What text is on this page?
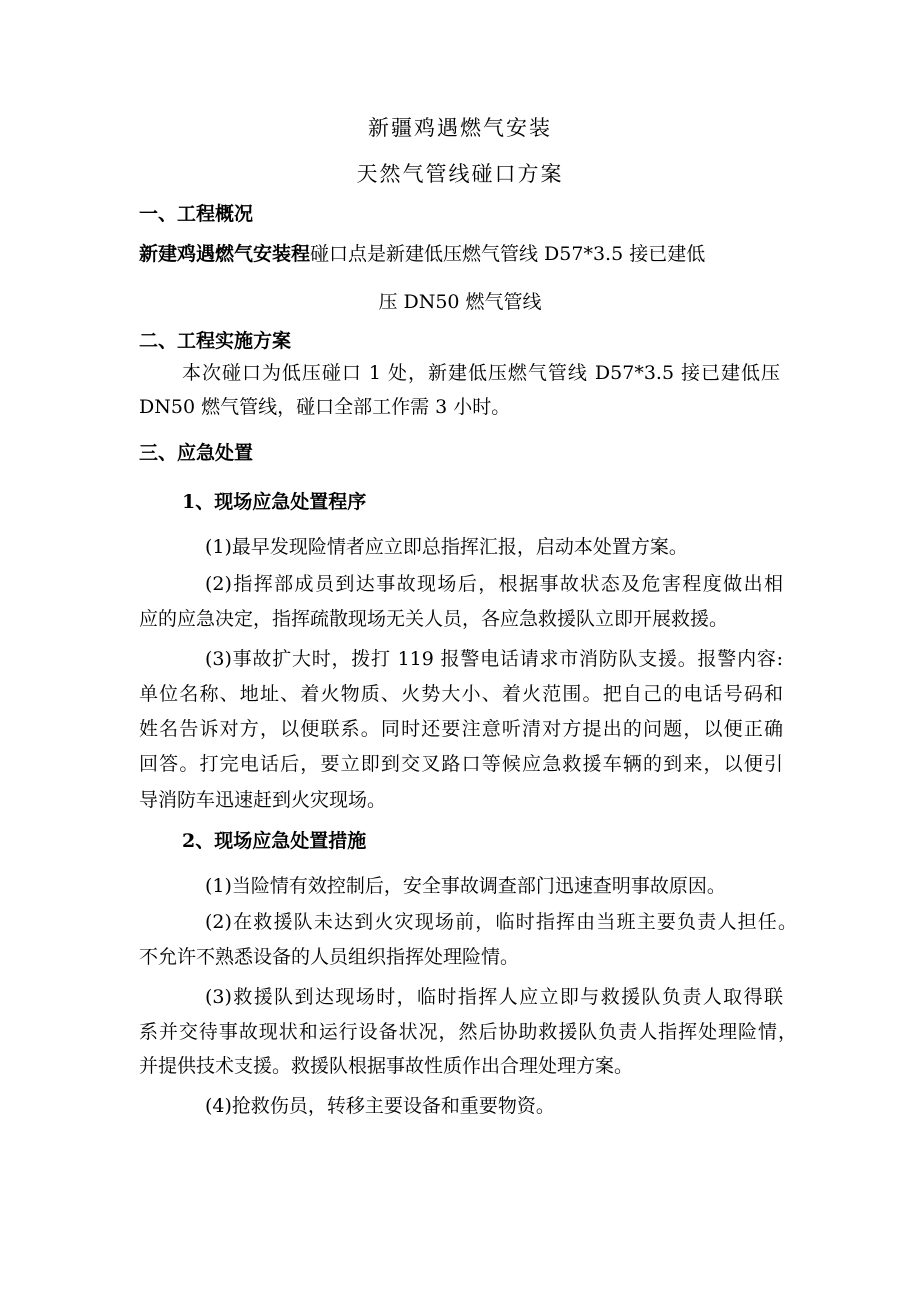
新疆鸡遇燃气安装
天然气管线碰口方案
一、工程概况
新建鸡遇燃气安装程碰口点是新建低压燃气管线 D57*3.5 接已建低
压 DN50 燃气管线
二、工程实施方案
本次碰口为低压碰口 1 处，新建低压燃气管线 D57*3.5 接已建低压
DN50 燃气管线，碰口全部工作需 3 小时。
三、应急处置
1、现场应急处置程序
(1)最早发现险情者应立即总指挥汇报，启动本处置方案。
(2)指挥部成员到达事故现场后，根据事故状态及危害程度做出相
应的应急决定，指挥疏散现场无关人员，各应急救援队立即开展救援。
(3)事故扩大时，拨打 119 报警电话请求市消防队支援。报警内容:
单位名称、地址、着火物质、火势大小、着火范围。把自己的电话号码和
姓名告诉对方，以便联系。同时还要注意听清对方提出的问题，以便正确
回答。打完电话后，要立即到交叉路口等候应急救援车辆的到来，以便引
导消防车迅速赶到火灾现场。
2、现场应急处置措施
(1)当险情有效控制后，安全事故调查部门迅速查明事故原因。
(2)在救援队未达到火灾现场前，临时指挥由当班主要负责人担任。
不允许不熟悉设备的人员组织指挥处理险情。
(3)救援队到达现场时，临时指挥人应立即与救援队负责人取得联
系并交待事故现状和运行设备状况，然后协助救援队负责人指挥处理险情，
并提供技术支援。救援队根据事故性质作出合理处理方案。
(4)抢救伤员，转移主要设备和重要物资。
